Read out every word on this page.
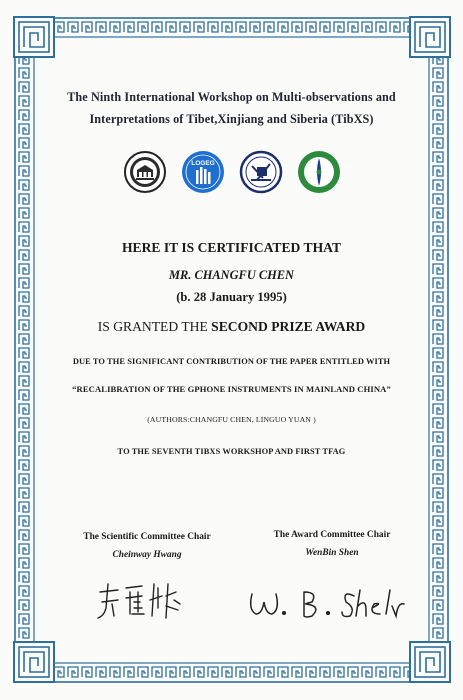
The Ninth International Workshop on Multi-observations and
Interpretations of Tibet,Xinjiang and Siberia (TibXS)
LOGEG
HERE IT IS CERTIFICATED THAT
MR. CHANGFU CHEN
(b. 28 January 1995)
IS GRANTED THE SECOND PRIZE AWARD
DUE TO THE SIGNIFICANT CONTRIBUTION OF THE PAPER ENTITLED WITH
“RECALIBRATION OF THE GPHONE INSTRUMENTS IN MAINLAND CHINA”
(AUTHORS:CHANGFU CHEN, LINGUO YUAN )
TO THE SEVENTH TIBXS WORKSHOP AND FIRST TFAG
The Scientific Committee Chair
Cheinway Hwang
The Award Committee Chair
WenBin Shen
